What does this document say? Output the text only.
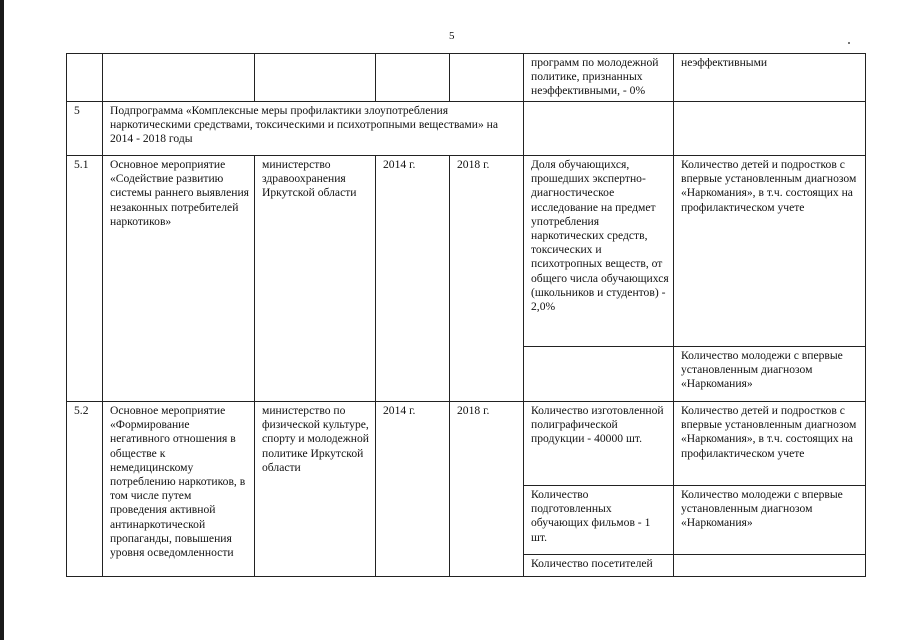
5
					программ по молодежной политике, признанных неэффективными, - 0%	неэффективными
5	Подпрограмма «Комплексные меры профилактики злоупотребления наркотическими средствами, токсическими и психотропными веществами» на 2014 - 2018 годы					
5.1	Основное мероприятие «Содействие развитию системы раннего выявления незаконных потребителей наркотиков»	министерство здравоохранения Иркутской области	2014 г.	2018 г.	Доля обучающихся, прошедших экспертно-диагностическое исследование на предмет употребления наркотических средств, токсических и психотропных веществ, от общего числа обучающихся (школьников и студентов) - 2,0%	Количество детей и подростков с впервые установленным диагнозом «Наркомания», в т.ч. состоящих на профилактическом учете
						Количество молодежи с впервые установленным диагнозом «Наркомания»
5.2	Основное мероприятие «Формирование негативного отношения в обществе к немедицинскому потреблению наркотиков, в том числе путем проведения активной антинаркотической пропаганды, повышения уровня осведомленности	министерство по физической культуре, спорту и молодежной политике Иркутской области	2014 г.	2018 г.	Количество изготовленной полиграфической продукции - 40000 шт.	Количество детей и подростков с впервые установленным диагнозом «Наркомания», в т.ч. состоящих на профилактическом учете
					Количество подготовленных обучающих фильмов - 1 шт.	Количество молодежи с впервые установленным диагнозом «Наркомания»
					Количество посетителей	
